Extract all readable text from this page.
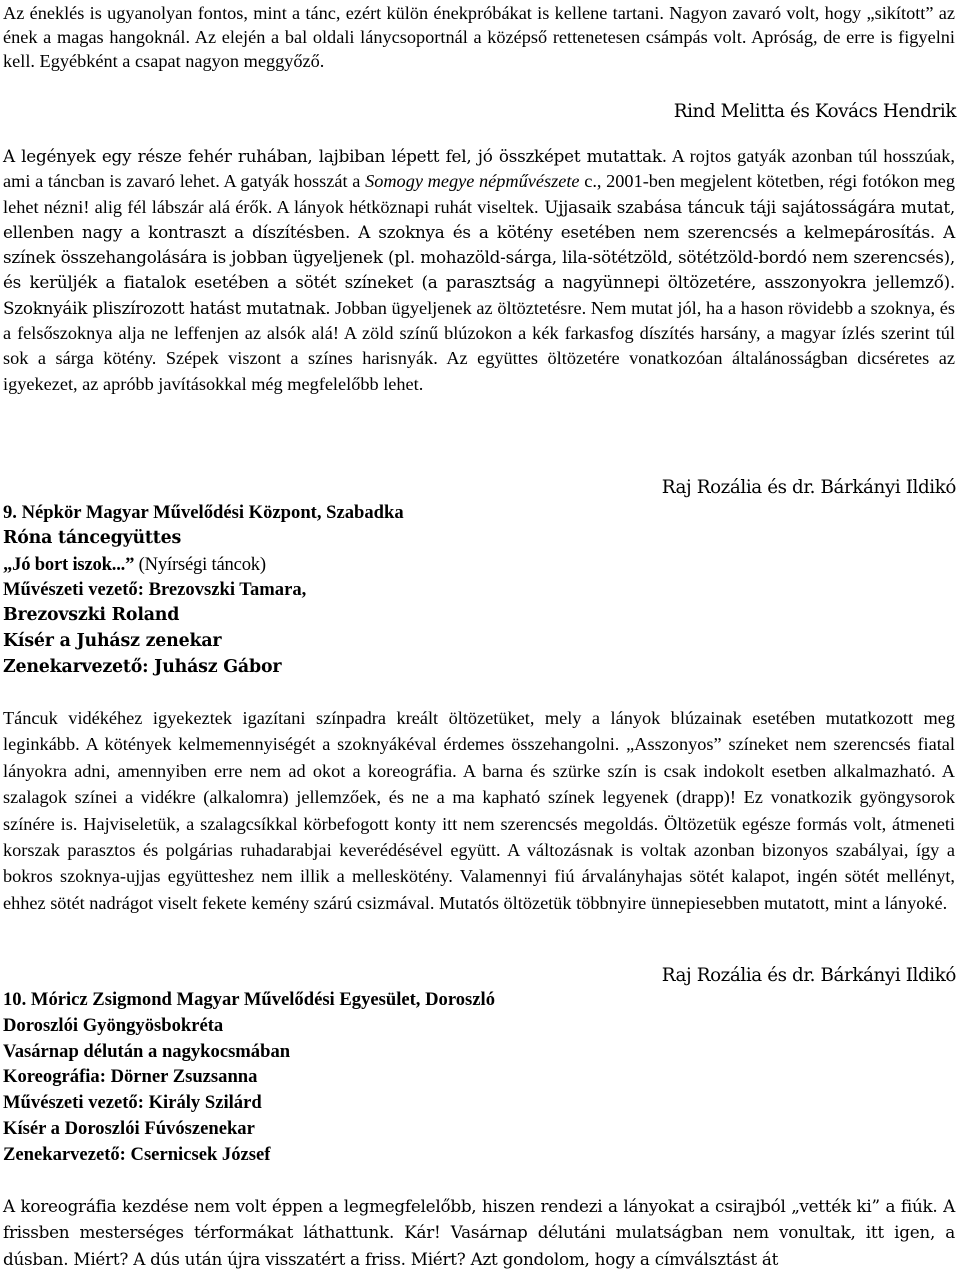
Az éneklés is ugyanolyan fontos, mint a tánc, ezért külön énekpróbákat is kellene tartani. Nagyon zavaró volt, hogy „sikított” az ének a magas hangoknál. Az elején a bal oldali lánycsoportnál a középső rettenetesen csámpás volt. Apróság, de erre is figyelni kell. Egyébként a csapat nagyon meggyőző.

Rind Melitta és Kovács Hendrik

A legények egy része fehér ruhában, lajbiban lépett fel, jó összképet mutattak. A rojtos gatyák azonban túl hosszúak, ami a táncban is zavaró lehet. A gatyák hosszát a Somogy megye népművészete c., 2001-ben megjelent kötetben, régi fotókon meg lehet nézni! alig fél lábszár alá érők. A lányok hétköznapi ruhát viseltek. Ujjasaik szabása táncuk táji sajátosságára mutat, ellenben nagy a kontraszt a díszítésben. A szoknya és a kötény esetében nem szerencsés a kelmepárosítás. A színek összehangolására is jobban ügyeljenek (pl. mohazöld-sárga, lila-sötétzöld, sötétzöld-bordó nem szerencsés), és kerüljék a fiatalok esetében a sötét színeket (a parasztság a nagyünnepi öltözetére, asszonyokra jellemző). Szoknyáik pliszírozott hatást mutatnak. Jobban ügyeljenek az öltöztetésre. Nem mutat jól, ha a hason rövidebb a szoknya, és a felsőszoknya alja ne leffenjen az alsók alá! A zöld színű blúzokon a kék farkasfog díszítés harsány, a magyar ízlés szerint túl sok a sárga kötény. Szépek viszont a színes harisnyák. Az együttes öltözetére vonatkozóan általánosságban dicséretes az igyekezet, az apróbb javításokkal még megfelelőbb lehet.

Raj Rozália és dr. Bárkányi Ildikó
9. Népkör Magyar Művelődési Központ, Szabadka
Róna táncegyüttes
„Jó bort iszok...” (Nyírségi táncok)
Művészeti vezető: Brezovszki Tamara,
Brezovszki Roland
Kísér a Juhász zenekar
Zenekarvezető: Juhász Gábor

Táncuk vidékéhez igyekeztek igazítani színpadra kreált öltözetüket, mely a lányok blúzainak esetében mutatkozott meg leginkább. A kötények kelmemennyiségét a szoknyákéval érdemes összehangolni. „Asszonyos” színeket nem szerencsés fiatal lányokra adni, amennyiben erre nem ad okot a koreográfia. A barna és szürke szín is csak indokolt esetben alkalmazható. A szalagok színei a vidékre (alkalomra) jellemzőek, és ne a ma kapható színek legyenek (drapp)! Ez vonatkozik gyöngysorok színére is. Hajviseletük, a szalagcsíkkal körbefogott konty itt nem szerencsés megoldás. Öltözetük egésze formás volt, átmeneti korszak parasztos és polgárias ruhadarabjai keverédésével együtt. A változásnak is voltak azonban bizonyos szabályai, így a bokros szoknya-ujjas együtteshez nem illik a melleskötény. Valamennyi fiú árvalányhajas sötét kalapot, ingén sötét mellényt, ehhez sötét nadrágot viselt fekete kemény szárú csizmával. Mutatós öltözetük többnyire ünnepiesebben mutatott, mint a lányoké.

Raj Rozália és dr. Bárkányi Ildikó
10. Móricz Zsigmond Magyar Művelődési Egyesület, Doroszló
Doroszlói Gyöngyösbokréta
Vasárnap délután a nagykocsmában
Koreográfia: Dörner Zsuzsanna
Művészeti vezető: Király Szilárd
Kísér a Doroszlói Fúvószenekar
Zenekarvezető: Csernicsek József

A koreográfia kezdése nem volt éppen a legmegfelelőbb, hiszen rendezi a lányokat a csirajból „vették ki” a fiúk. A frissben mesterséges térformákat láthattunk. Kár! Vasárnap délutáni mulatságban nem vonultak, itt igen, a dúsban. Miért? A dús után újra visszatért a friss. Miért? Azt gondolom, hogy a címválsztást át
